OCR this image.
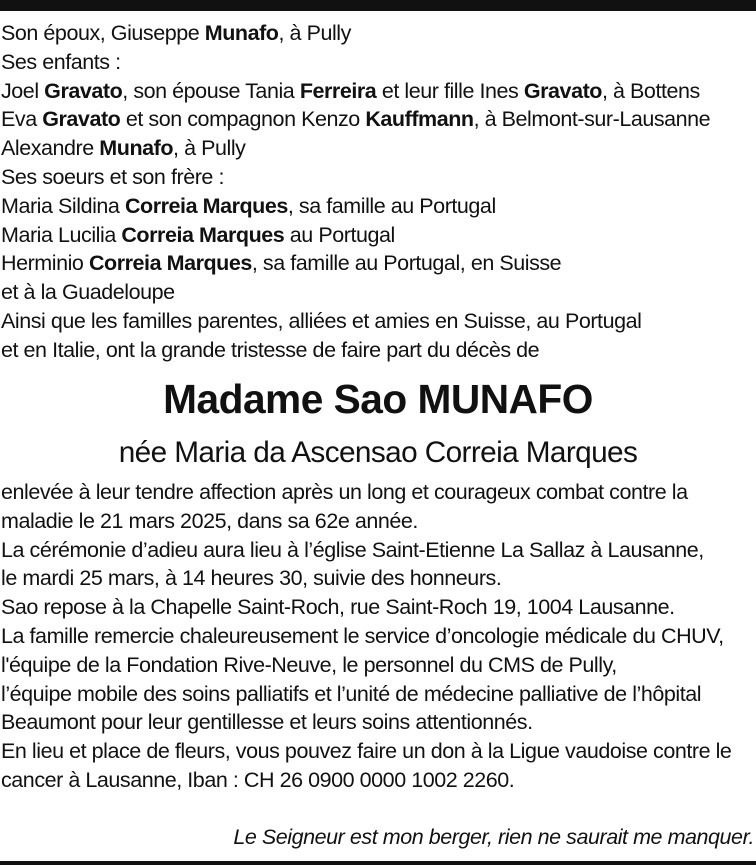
Son époux, Giuseppe Munafo, à Pully
Ses enfants :
Joel Gravato, son épouse Tania Ferreira et leur fille Ines Gravato, à Bottens
Eva Gravato et son compagnon Kenzo Kauffmann, à Belmont-sur-Lausanne
Alexandre Munafo, à Pully
Ses soeurs et son frère :
Maria Sildina Correia Marques, sa famille au Portugal
Maria Lucilia Correia Marques au Portugal
Herminio Correia Marques, sa famille au Portugal, en Suisse
et à la Guadeloupe
Ainsi que les familles parentes, alliées et amies en Suisse, au Portugal
et en Italie, ont la grande tristesse de faire part du décès de
Madame Sao MUNAFO
née Maria da Ascensao Correia Marques
enlevée à leur tendre affection après un long et courageux combat contre la
maladie le 21 mars 2025, dans sa 62e année.
La cérémonie d’adieu aura lieu à l’église Saint-Etienne La Sallaz à Lausanne,
le mardi 25 mars, à 14 heures 30, suivie des honneurs.
Sao repose à la Chapelle Saint-Roch, rue Saint-Roch 19, 1004 Lausanne.
La famille remercie chaleureusement le service d’oncologie médicale du CHUV,
l'équipe de la Fondation Rive-Neuve, le personnel du CMS de Pully,
l’équipe mobile des soins palliatifs et l’unité de médecine palliative de l’hôpital
Beaumont pour leur gentillesse et leurs soins attentionnés.
En lieu et place de fleurs, vous pouvez faire un don à la Ligue vaudoise contre le
cancer à Lausanne, Iban : CH 26 0900 0000 1002 2260.
Le Seigneur est mon berger, rien ne saurait me manquer.
